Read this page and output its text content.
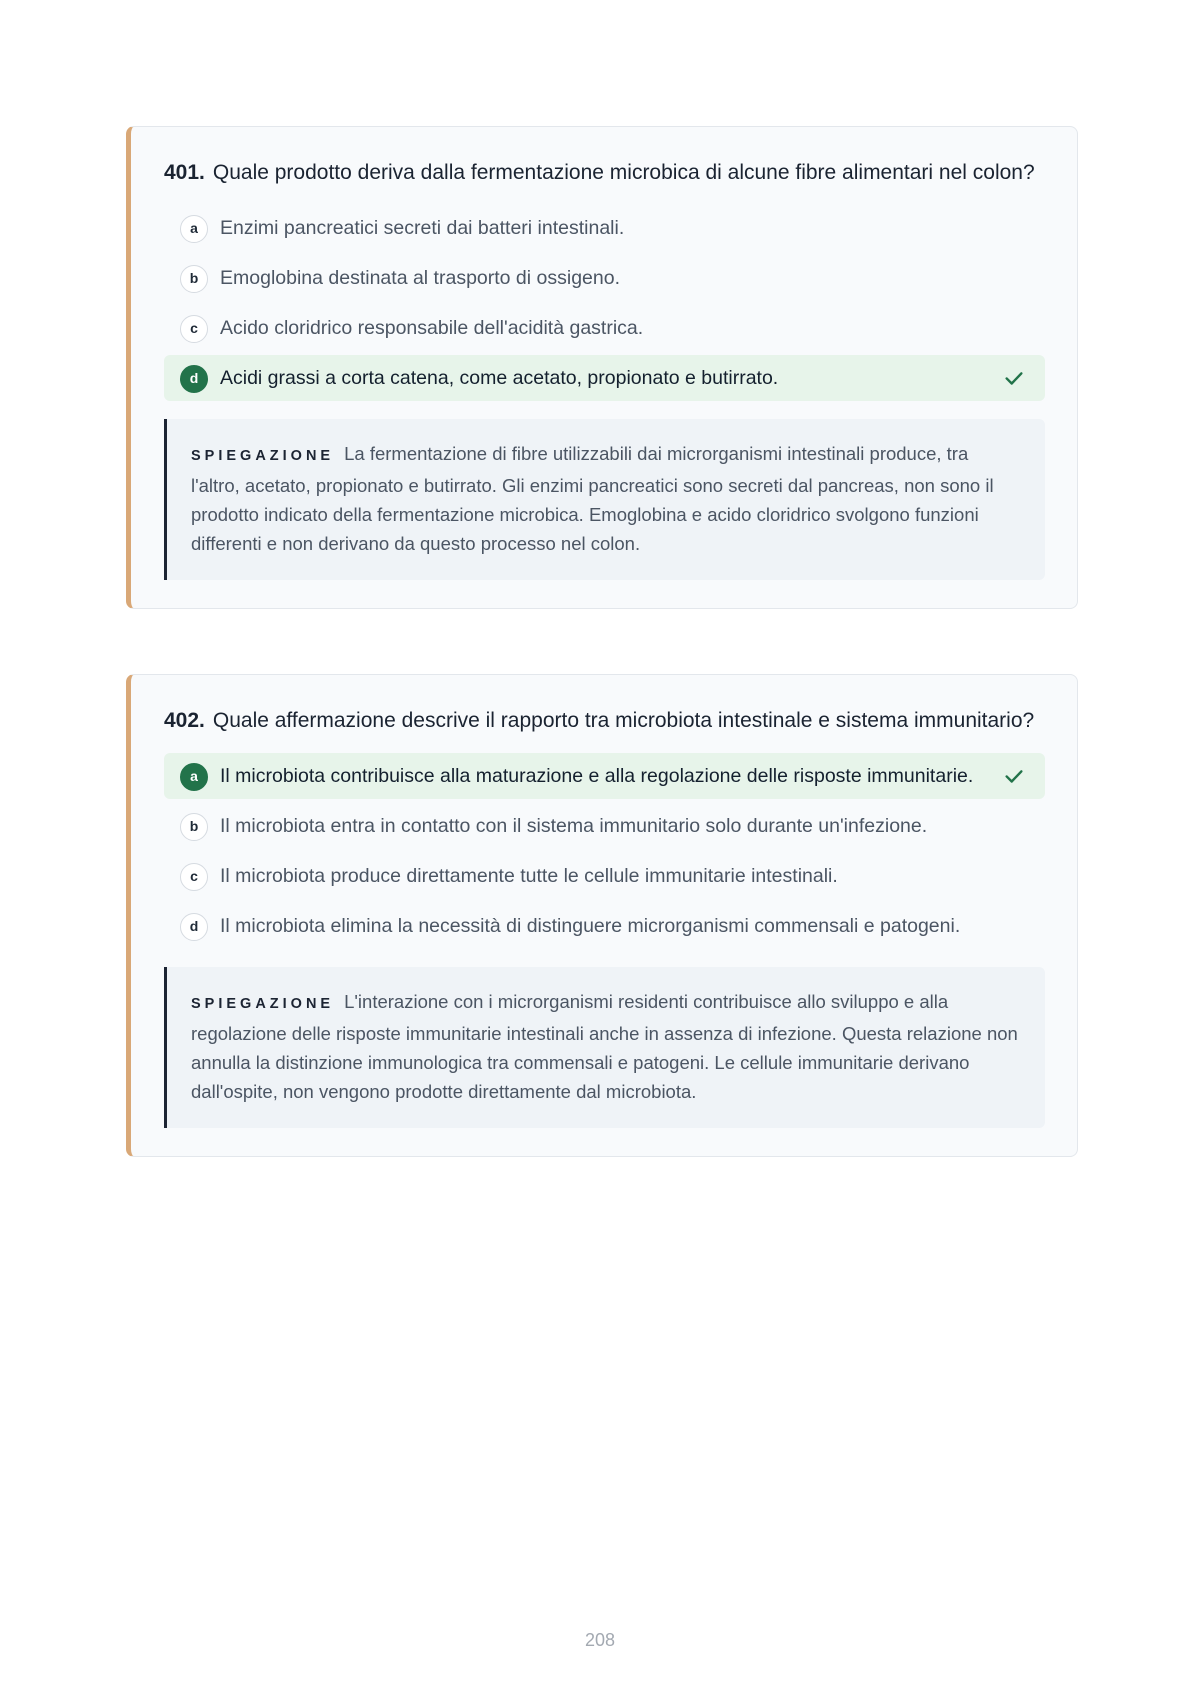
401. Quale prodotto deriva dalla fermentazione microbica di alcune fibre alimentari nel colon?

a	Enzimi pancreatici secreti dai batteri intestinali.
b	Emoglobina destinata al trasporto di ossigeno.
c	Acido cloridrico responsabile dell'acidità gastrica.
d	Acidi grassi a corta catena, come acetato, propionato e butirrato.
SPIEGAZIONE La fermentazione di fibre utilizzabili dai microrganismi intestinali produce, tra l'altro, acetato, propionato e butirrato. Gli enzimi pancreatici sono secreti dal pancreas, non sono il prodotto indicato della fermentazione microbica. Emoglobina e acido cloridrico svolgono funzioni differenti e non derivano da questo processo nel colon.

402. Quale affermazione descrive il rapporto tra microbiota intestinale e sistema immunitario?

a	Il microbiota contribuisce alla maturazione e alla regolazione delle risposte immunitarie.
b	Il microbiota entra in contatto con il sistema immunitario solo durante un'infezione.
c	Il microbiota produce direttamente tutte le cellule immunitarie intestinali.
d	Il microbiota elimina la necessità di distinguere microrganismi commensali e patogeni.
SPIEGAZIONE L'interazione con i microrganismi residenti contribuisce allo sviluppo e alla regolazione delle risposte immunitarie intestinali anche in assenza di infezione. Questa relazione non annulla la distinzione immunologica tra commensali e patogeni. Le cellule immunitarie derivano dall'ospite, non vengono prodotte direttamente dal microbiota.
208
